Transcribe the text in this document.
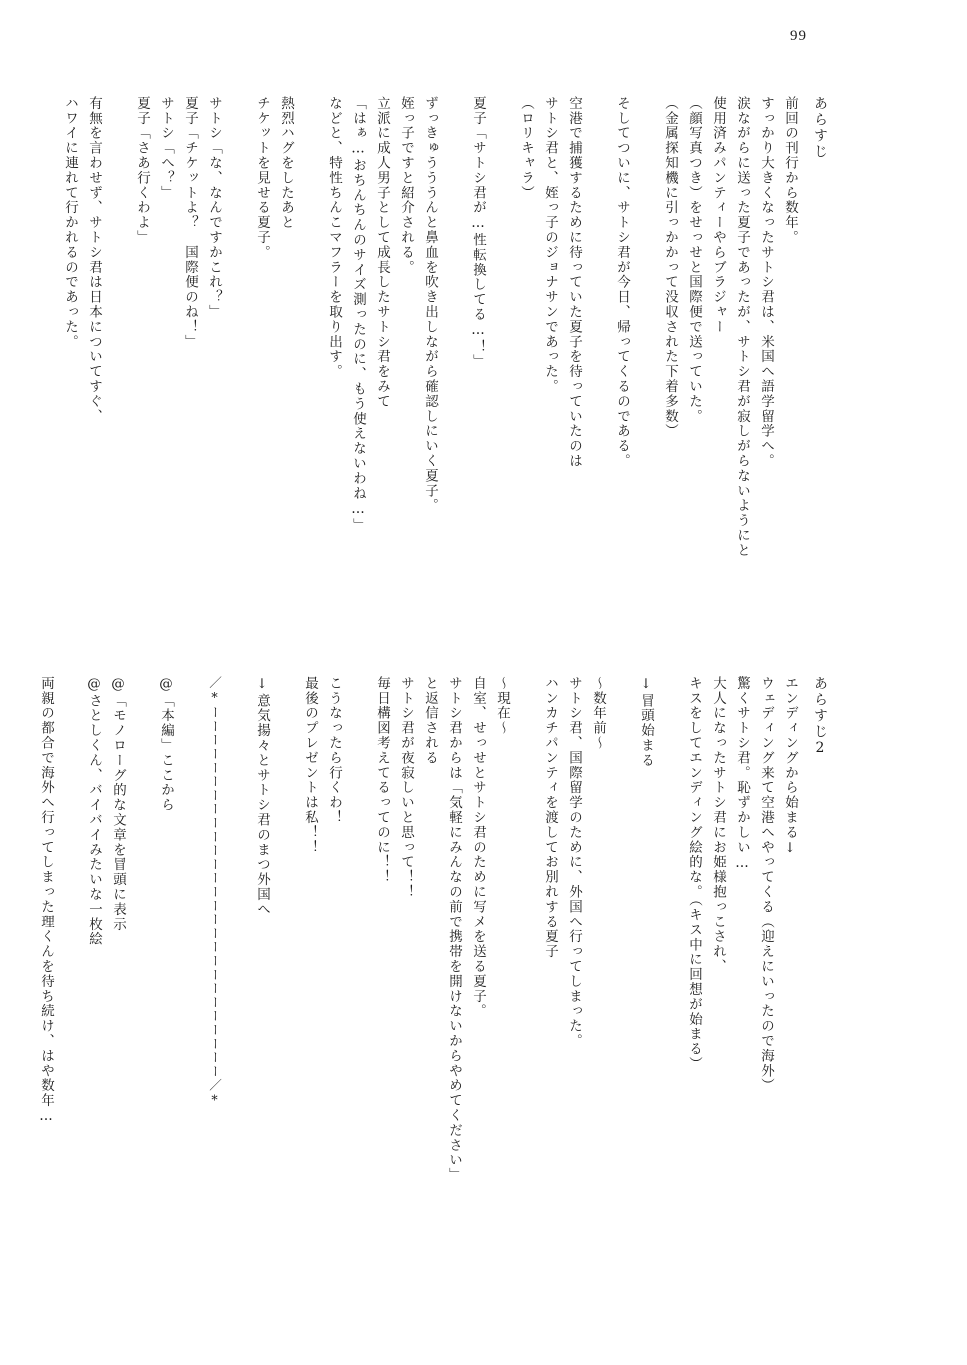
99
あらすじ
前回の刊行から数年。
すっかり大きくなったサトシ君は、米国へ語学留学へ。
涙ながらに送った夏子であったが、サトシ君が寂しがらないようにと
使用済みパンティーやらブラジャー
（顔写真つき）をせっせと国際便で送っていた。
（金属探知機に引っかかって没収された下着多数）
そしてついに、サトシ君が今日、帰ってくるのである。
空港で捕獲するために待っていた夏子を待っていたのは
サトシ君と、姪っ子のジョナサンであった。
（ロリキャラ）
夏子「サトシ君が…性転換してる…！」
ずっきゅうううんと鼻血を吹き出しながら確認しにいく夏子。
姪っ子ですと紹介される。
立派に成人男子として成長したサトシ君をみて
「はぁ…おちんちんのサイズ測ったのに、もう使えないわね…」
などと、特性ちんこマフラーを取り出す。
熱烈ハグをしたあと
チケットを見せる夏子。
サトシ「な、なんですかこれ？」
夏子「チケットよ？　国際便のね！」
サトシ「へ？」
夏子「さあ行くわよ」
有無を言わせず、サトシ君は日本についてすぐ、
ハワイに連れて行かれるのであった。
あらすじ2
エンディングから始まる↓
ウェディング来て空港へやってくる（迎えにいったので海外）
驚くサトシ君。恥ずかしい…
大人になったサトシ君にお姫様抱っこされ、
キスをしてエンディング絵的な。（キス中に回想が始まる）
↓冒頭始まる
～数年前～
サトシ君、国際留学のために、外国へ行ってしまった。
ハンカチパンティを渡してお別れする夏子
～現在～
自室、せっせとサトシ君のために写メを送る夏子。
サトシ君からは「気軽にみんなの前で携帯を開けないからやめてください」
と返信される
サトシ君が夜寂しいと思って！！
毎日構図考えてるってのに！！
こうなったら行くわ！
最後のプレゼントは私！！
↓意気揚々とサトシ君のまつ外国へ
／*ーーーーーーーーーーーーーーーーーーーーーーーーーーー／*
@「本編」ここから
@「モノローグ的な文章を冒頭に表示
@さとしくん、バイバイみたいな一枚絵
両親の都合で海外へ行ってしまった理くんを待ち続け、はや数年…
